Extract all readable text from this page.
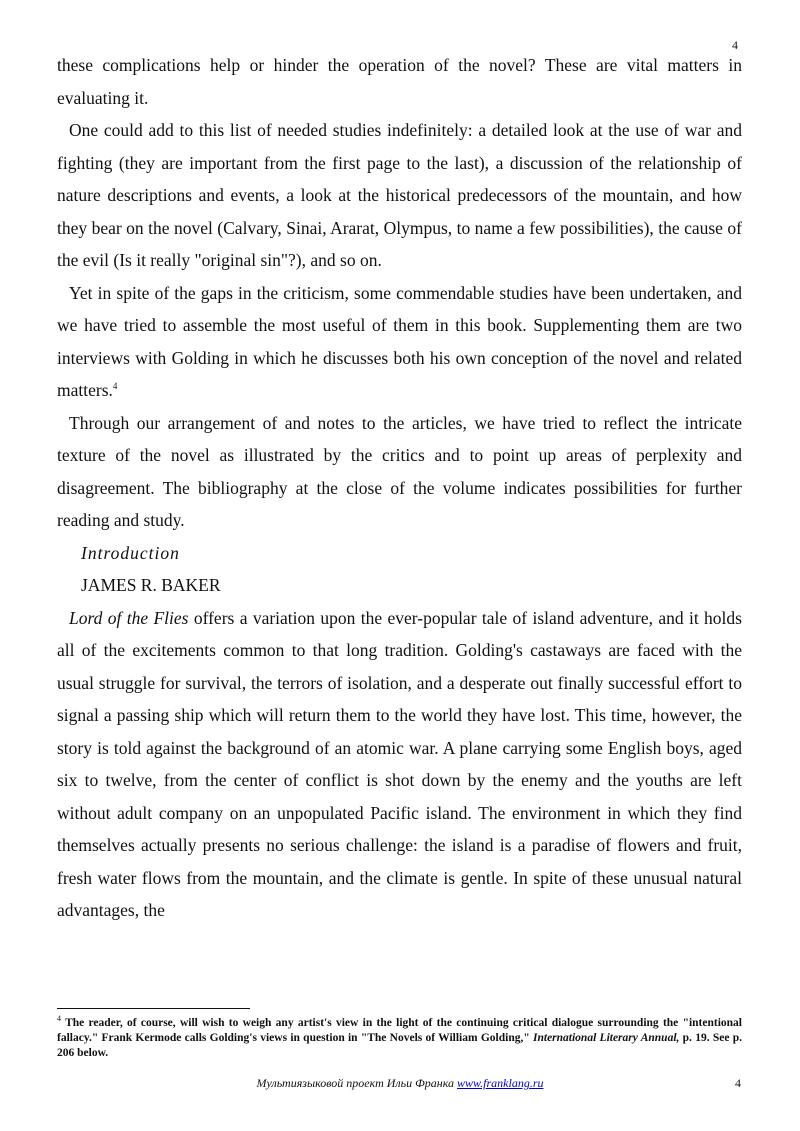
4

these complications help or hinder the operation of the novel? These are vital matters in evaluating it.

One could add to this list of needed studies indefinitely: a detailed look at the use of war and fighting (they are important from the first page to the last), a discussion of the relationship of nature descriptions and events, a look at the historical predecessors of the mountain, and how they bear on the novel (Calvary, Sinai, Ararat, Olympus, to name a few possibilities), the cause of the evil (Is it really "original sin"?), and so on.

Yet in spite of the gaps in the criticism, some commendable studies have been undertaken, and we have tried to assemble the most useful of them in this book. Supplementing them are two interviews with Golding in which he discusses both his own conception of the novel and related matters.$^4$

Through our arrangement of and notes to the articles, we have tried to reflect the intricate texture of the novel as illustrated by the critics and to point up areas of perplexity and disagreement. The bibliography at the close of the volume indicates possibilities for further reading and study.

Introduction

JAMES R. BAKER

Lord of the Flies offers a variation upon the ever-popular tale of island adventure, and it holds all of the excitements common to that long tradition. Golding's castaways are faced with the usual struggle for survival, the terrors of isolation, and a desperate out finally successful effort to signal a passing ship which will return them to the world they have lost. This time, however, the story is told against the background of an atomic war. A plane carrying some English boys, aged six to twelve, from the center of conflict is shot down by the enemy and the youths are left without adult company on an unpopulated Pacific island. The environment in which they find themselves actually presents no serious challenge: the island is a paradise of flowers and fruit, fresh water flows from the mountain, and the climate is gentle. In spite of these unusual natural advantages, the

$^4$ The reader, of course, will wish to weigh any artist's view in the light of the continuing critical dialogue surrounding the "intentional fallacy." Frank Kermode calls Golding's views in question in "The Novels of William Golding," International Literary Annual, p. 19. See p. 206 below.
Мультиязыковой проект Ильи Франка www.franklang.ru	4
